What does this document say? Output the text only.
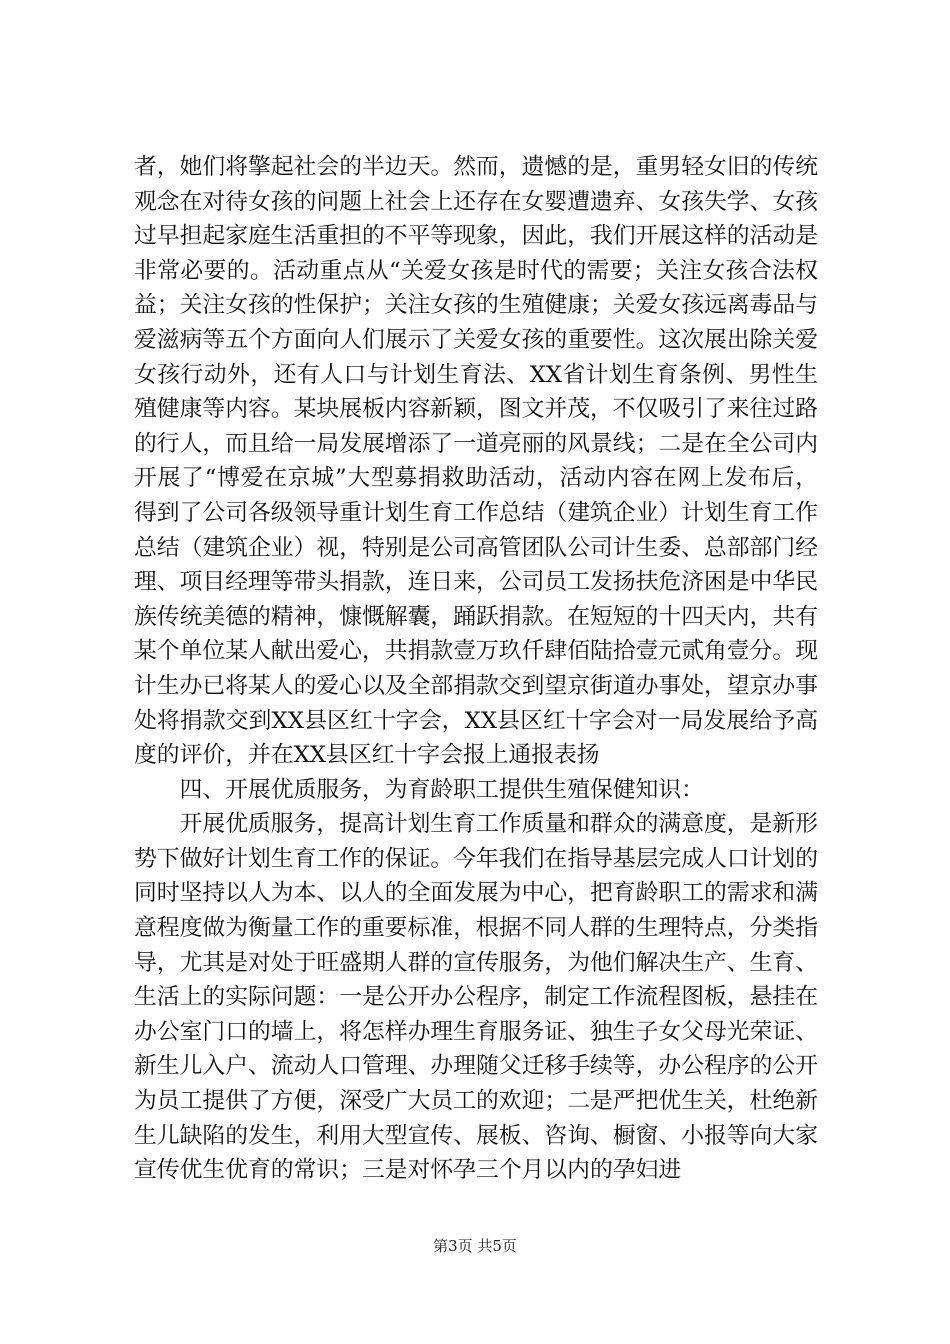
者，她们将擎起社会的半边天。然而，遗憾的是，重男轻女旧的传统观念在对待女孩的问题上社会上还存在女婴遭遗弃、女孩失学、女孩过早担起家庭生活重担的不平等现象，因此，我们开展这样的活动是非常必要的。活动重点从“关爱女孩是时代的需要；关注女孩合法权益；关注女孩的性保护；关注女孩的生殖健康；关爱女孩远离毒品与爱滋病等五个方面向人们展示了关爱女孩的重要性。这次展出除关爱女孩行动外，还有人口与计划生育法、XX省计划生育条例、男性生殖健康等内容。某块展板内容新颖，图文并茂，不仅吸引了来往过路的行人，而且给一局发展增添了一道亮丽的风景线；二是在全公司内开展了“博爱在京城”大型募捐救助活动，活动内容在网上发布后，得到了公司各级领导重计划生育工作总结（建筑企业）计划生育工作总结（建筑企业）视，特别是公司高管团队公司计生委、总部部门经理、项目经理等带头捐款，连日来，公司员工发扬扶危济困是中华民族传统美德的精神，慷慨解囊，踊跃捐款。在短短的十四天内，共有某个单位某人献出爱心，共捐款壹万玖仟肆佰陆拾壹元贰角壹分。现计生办已将某人的爱心以及全部捐款交到望京街道办事处，望京办事处将捐款交到XX县区红十字会，XX县区红十字会对一局发展给予高度的评价，并在XX县区红十字会报上通报表扬

四、开展优质服务，为育龄职工提供生殖保健知识：

开展优质服务，提高计划生育工作质量和群众的满意度，是新形势下做好计划生育工作的保证。今年我们在指导基层完成人口计划的同时坚持以人为本、以人的全面发展为中心，把育龄职工的需求和满意程度做为衡量工作的重要标准，根据不同人群的生理特点，分类指导，尤其是对处于旺盛期人群的宣传服务，为他们解决生产、生育、生活上的实际问题：一是公开办公程序，制定工作流程图板，悬挂在办公室门口的墙上，将怎样办理生育服务证、独生子女父母光荣证、新生儿入户、流动人口管理、办理随父迁移手续等，办公程序的公开为员工提供了方便，深受广大员工的欢迎；二是严把优生关，杜绝新生儿缺陷的发生，利用大型宣传、展板、咨询、橱窗、小报等向大家宣传优生优育的常识；三是对怀孕三个月以内的孕妇进

第3页 共5页
